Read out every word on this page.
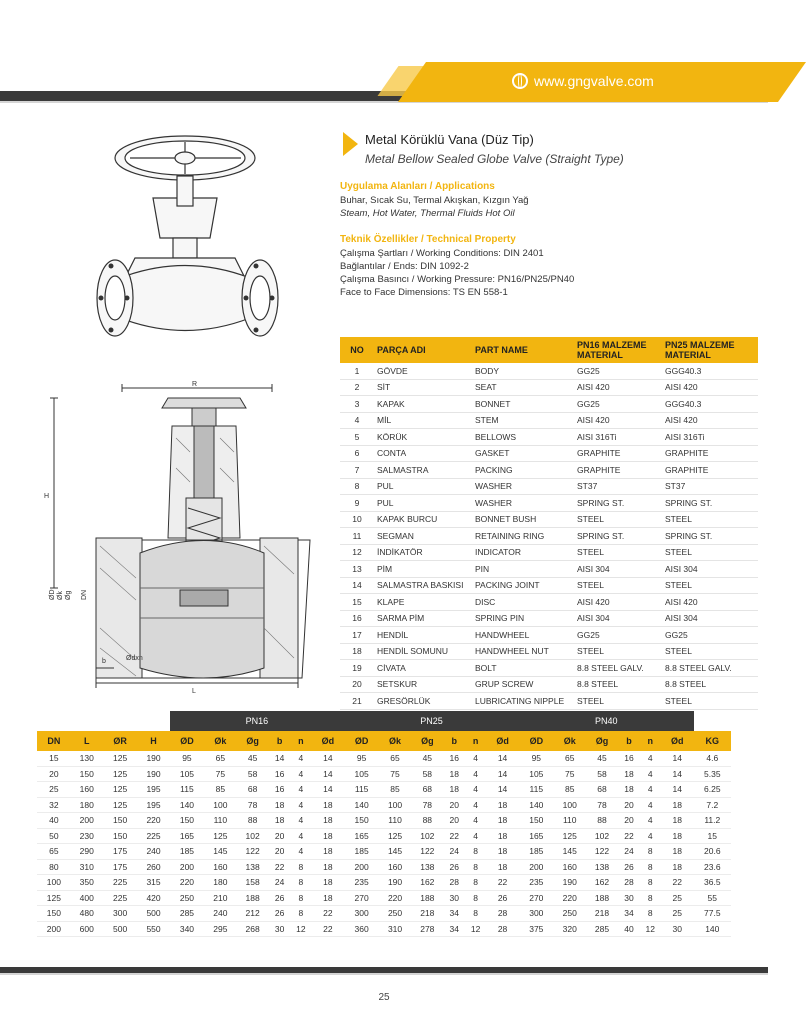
www.gngvalve.com
Metal Körüklü Vana (Düz Tip)
Metal Bellow Sealed Globe Valve (Straight Type)
Uygulama Alanları / Applications
Buhar, Sıcak Su, Termal Akışkan, Kızgın Yağ
Steam, Hot Water, Thermal Fluids Hot Oil
Teknik Özellikler / Technical Property
Çalışma Şartları / Working Conditions: DIN 2401
Bağlantılar / Ends: DIN 1092-2
Çalışma Basıncı / Working Pressure: PN16/PN25/PN40
Face to Face Dimensions: TS EN 558-1
R
H
L
b	Ødxn
ØD Øk Øg DN
NO	PARÇA ADI	PART NAME	PN16 MALZEME MATERIAL	PN25 MALZEME MATERIAL
1	GÖVDE	BODY	GG25	GGG40.3
2	SİT	SEAT	AISI 420	AISI 420
3	KAPAK	BONNET	GG25	GGG40.3
4	MİL	STEM	AISI 420	AISI 420
5	KÖRÜK	BELLOWS	AISI 316Ti	AISI 316Ti
6	CONTA	GASKET	GRAPHITE	GRAPHITE
7	SALMASTRA	PACKING	GRAPHITE	GRAPHITE
8	PUL	WASHER	ST37	ST37
9	PUL	WASHER	SPRING ST.	SPRING ST.
10	KAPAK BURCU	BONNET BUSH	STEEL	STEEL
11	SEGMAN	RETAINING RING	SPRING ST.	SPRING ST.
12	İNDİKATÖR	INDICATOR	STEEL	STEEL
13	PİM	PIN	AISI 304	AISI 304
14	SALMASTRA BASKISI	PACKING JOINT	STEEL	STEEL
15	KLAPE	DISC	AISI 420	AISI 420
16	SARMA PİM	SPRING PIN	AISI 304	AISI 304
17	HENDİL	HANDWHEEL	GG25	GG25
18	HENDİL SOMUNU	HANDWHEEL NUT	STEEL	STEEL
19	CİVATA	BOLT	8.8 STEEL GALV.	8.8 STEEL GALV.
20	SETSKUR	GRUP SCREW	8.8 STEEL	8.8 STEEL
21	GRESÖRLÜK	LUBRICATING NIPPLE	STEEL	STEEL
				PN16						PN25						PN40						
DN	L	ØR	H	ØD	Øk	Øg	b	n	Ød	ØD	Øk	Øg	b	n	Ød	ØD	Øk	Øg	b	n	Ød	KG
15	130	125	190	95	65	45	14	4	14	95	65	45	16	4	14	95	65	45	16	4	14	4.6
20	150	125	190	105	75	58	16	4	14	105	75	58	18	4	14	105	75	58	18	4	14	5.35
25	160	125	195	115	85	68	16	4	14	115	85	68	18	4	14	115	85	68	18	4	14	6.25
32	180	125	195	140	100	78	18	4	18	140	100	78	20	4	18	140	100	78	20	4	18	7.2
40	200	150	220	150	110	88	18	4	18	150	110	88	20	4	18	150	110	88	20	4	18	11.2
50	230	150	225	165	125	102	20	4	18	165	125	102	22	4	18	165	125	102	22	4	18	15
65	290	175	240	185	145	122	20	4	18	185	145	122	24	8	18	185	145	122	24	8	18	20.6
80	310	175	260	200	160	138	22	8	18	200	160	138	26	8	18	200	160	138	26	8	18	23.6
100	350	225	315	220	180	158	24	8	18	235	190	162	28	8	22	235	190	162	28	8	22	36.5
125	400	225	420	250	210	188	26	8	18	270	220	188	30	8	26	270	220	188	30	8	25	55
150	480	300	500	285	240	212	26	8	22	300	250	218	34	8	28	300	250	218	34	8	25	77.5
200	600	500	550	340	295	268	30	12	22	360	310	278	34	12	28	375	320	285	40	12	30	140
25
